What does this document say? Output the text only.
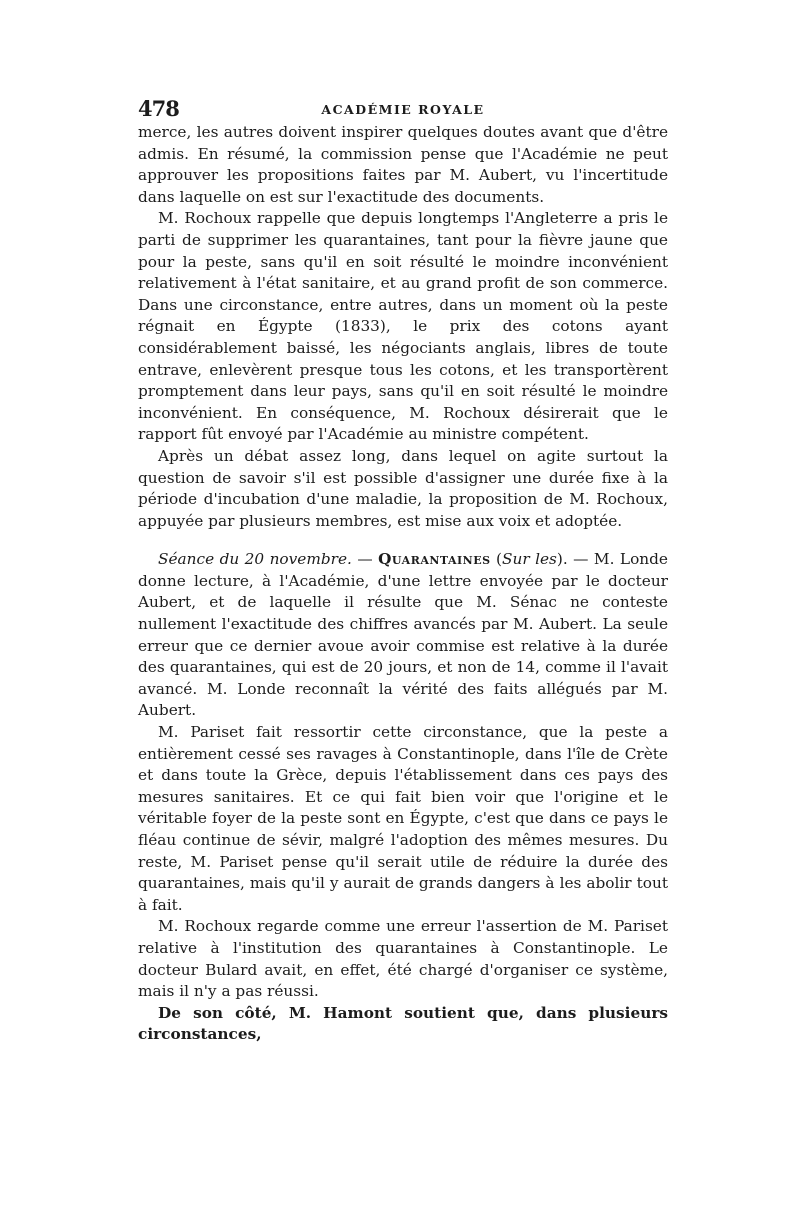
478	ACADÉMIE ROYALE

merce, les autres doivent inspirer quelques doutes avant que d'être admis. En résumé, la commission pense que l'Académie ne peut approuver les propositions faites par M. Aubert, vu l'incertitude dans laquelle on est sur l'exactitude des documents.

M. Rochoux rappelle que depuis longtemps l'Angleterre a pris le parti de supprimer les quarantaines, tant pour la fièvre jaune que pour la peste, sans qu'il en soit résulté le moindre inconvénient relativement à l'état sanitaire, et au grand profit de son commerce. Dans une circonstance, entre autres, dans un moment où la peste régnait en Égypte (1833), le prix des cotons ayant considérablement baissé, les négociants anglais, libres de toute entrave, enlevèrent presque tous les cotons, et les transportèrent promptement dans leur pays, sans qu'il en soit résulté le moindre inconvénient. En conséquence, M. Rochoux désirerait que le rapport fût envoyé par l'Académie au ministre compétent.

Après un débat assez long, dans lequel on agite surtout la question de savoir s'il est possible d'assigner une durée fixe à la période d'incubation d'une maladie, la proposition de M. Rochoux, appuyée par plusieurs membres, est mise aux voix et adoptée.

Séance du 20 novembre. — Quarantaines (Sur les). — M. Londe donne lecture, à l'Académie, d'une lettre envoyée par le docteur Aubert, et de laquelle il résulte que M. Sénac ne conteste nullement l'exactitude des chiffres avancés par M. Aubert. La seule erreur que ce dernier avoue avoir commise est relative à la durée des quarantaines, qui est de 20 jours, et non de 14, comme il l'avait avancé. M. Londe reconnaît la vérité des faits allégués par M. Aubert.

M. Pariset fait ressortir cette circonstance, que la peste a entièrement cessé ses ravages à Constantinople, dans l'île de Crète et dans toute la Grèce, depuis l'établissement dans ces pays des mesures sanitaires. Et ce qui fait bien voir que l'origine et le véritable foyer de la peste sont en Égypte, c'est que dans ce pays le fléau continue de sévir, malgré l'adoption des mêmes mesures. Du reste, M. Pariset pense qu'il serait utile de réduire la durée des quarantaines, mais qu'il y aurait de grands dangers à les abolir tout à fait.

M. Rochoux regarde comme une erreur l'assertion de M. Pariset relative à l'institution des quarantaines à Constantinople. Le docteur Bulard avait, en effet, été chargé d'organiser ce système, mais il n'y a pas réussi.

De son côté, M. Hamont soutient que, dans plusieurs circonstances,
